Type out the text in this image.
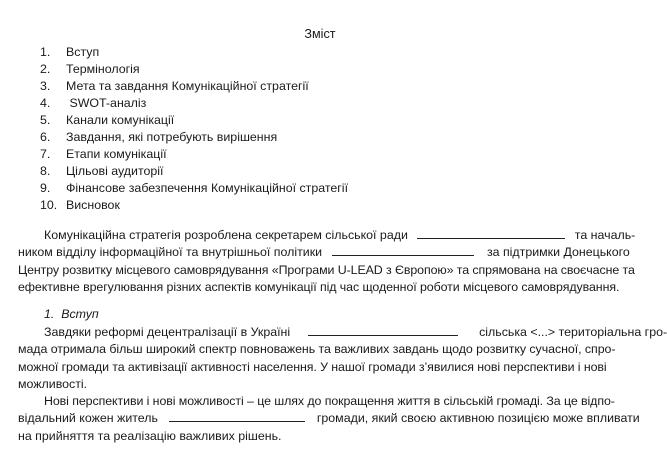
Зміст
1. Вступ
2. Термінологія
3. Мета та завдання Комунікаційної стратегії
4. SWOT-аналіз
5. Канали комунікації
6. Завдання, які потребують вирішення
7. Етапи комунікації
8. Цільові аудиторії
9. Фінансове забезпечення Комунікаційної стратегії
10. Висновок
Комунікаційна стратегія розроблена секретарем сільської ради	та началь-
ником відділу інформаційної та внутрішньої політики	за підтримки Донецького
Центру розвитку місцевого самоврядування «Програми U-LEAD з Європою» та спрямована на своєчасне та
ефективне врегулювання різних аспектів комунікації під час щоденної роботи місцевого самоврядування.
1.  Вступ
Завдяки реформі децентралізації в Україні	сільська <...> територіальна гро-
мада отримала більш широкий спектр повноважень та важливих завдань щодо розвитку сучасної, спро-
можної громади та активізації активності населення. У нашої громади з’явилися нові перспективи і нові
можливості.
Нові перспективи і нові можливості – це шлях до покращення життя в сільській громаді. За це відпо-
відальний кожен житель	громади, який своєю активною позицією може впливати
на прийняття та реалізацію важливих рішень.
